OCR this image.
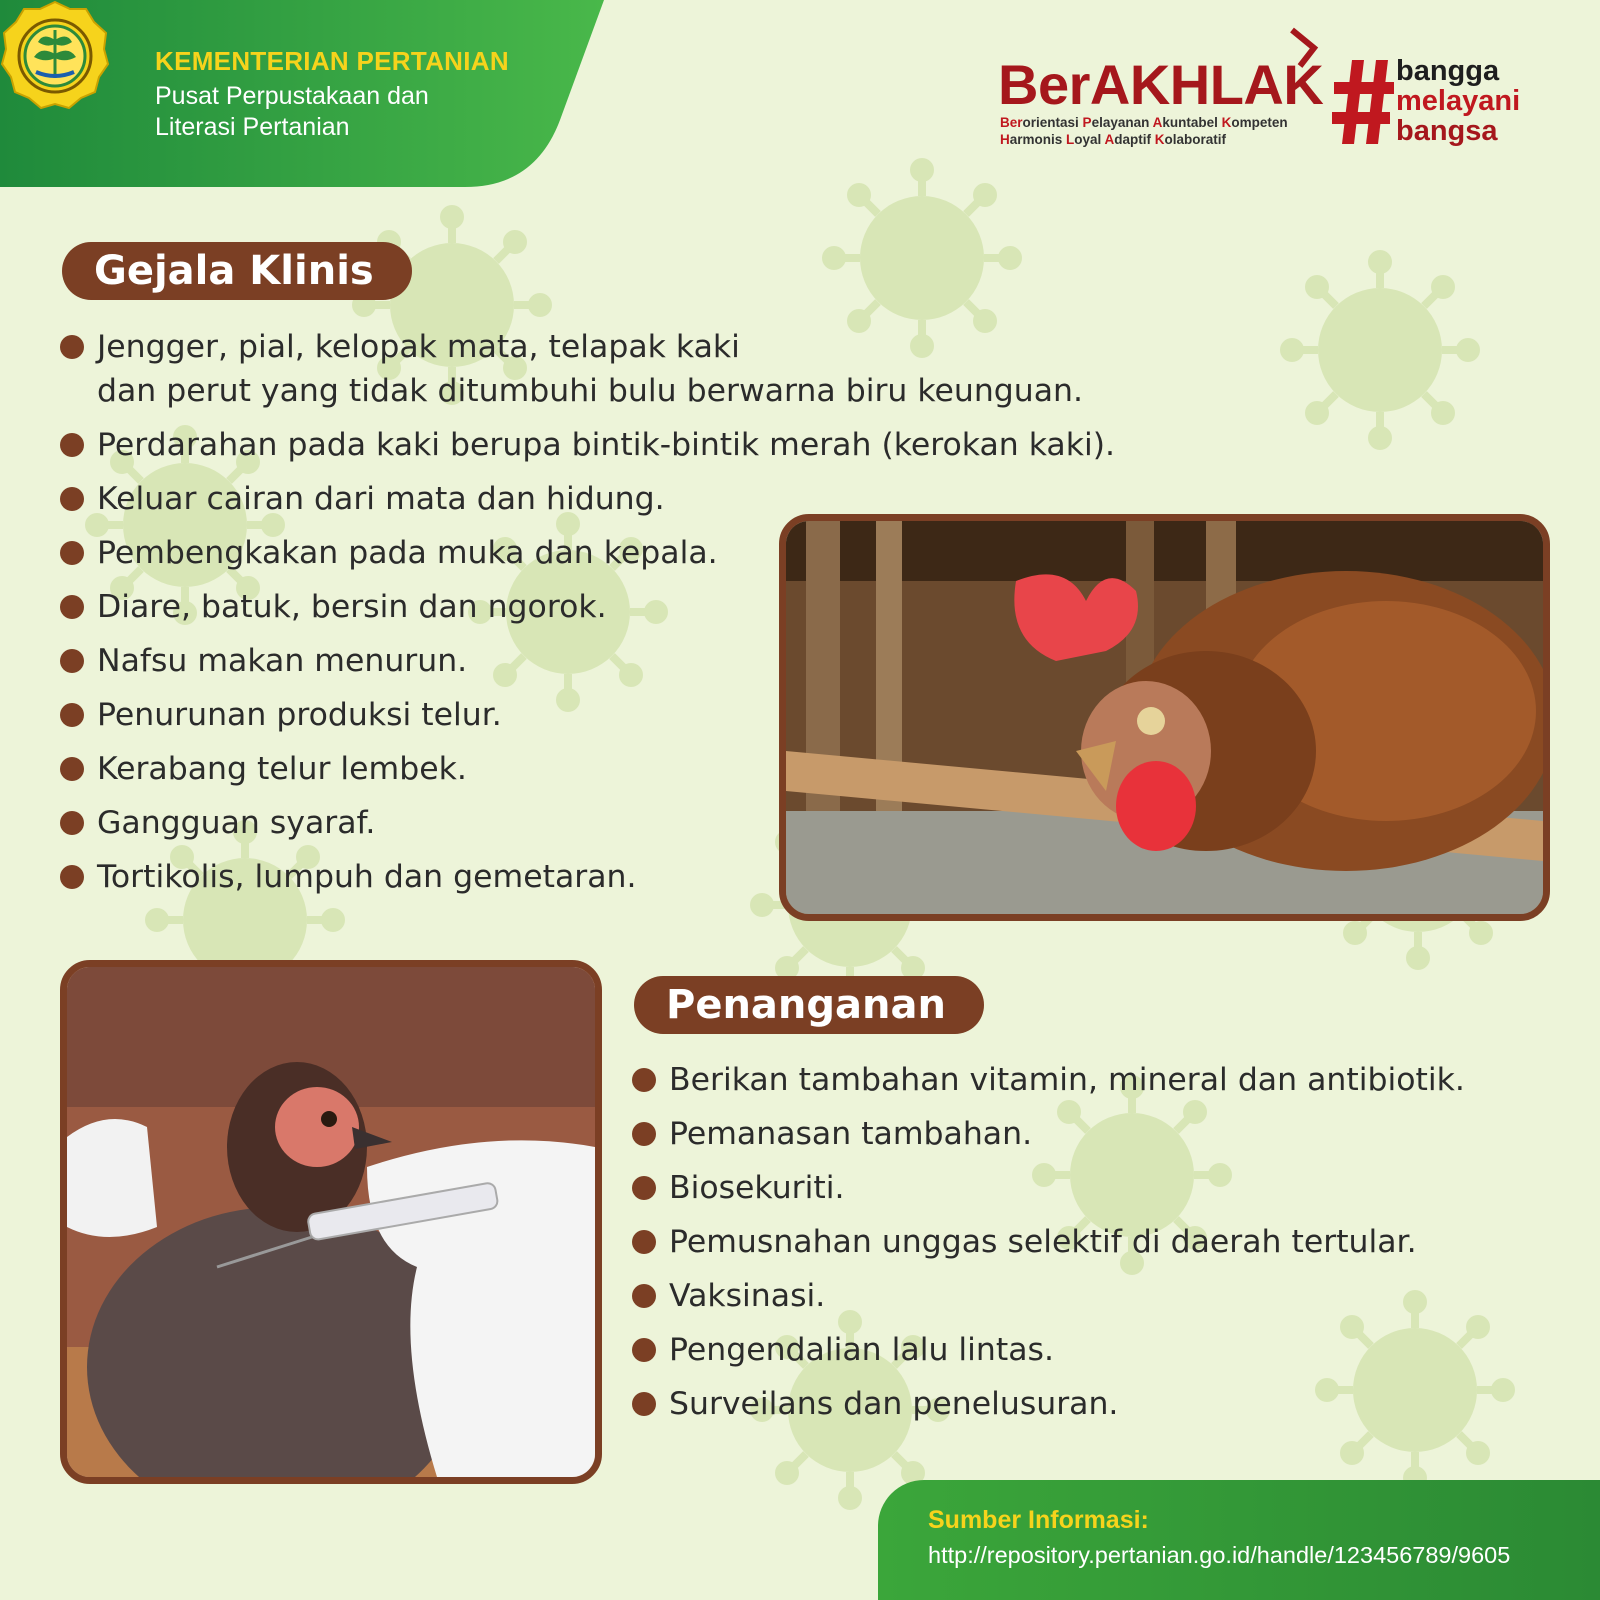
KEMENTERIAN PERTANIAN
Pusat Perpustakaan dan
Literasi Pertanian
BerAKHLAK
Berorientasi Pelayanan Akuntabel Kompeten
Harmonis Loyal Adaptif Kolaboratif
bangga
melayani
bangsa
Gejala Klinis
Jengger, pial, kelopak mata, telapak kaki
dan perut yang tidak ditumbuhi bulu berwarna biru keunguan.
Perdarahan pada kaki berupa bintik-bintik merah (kerokan kaki).
Keluar cairan dari mata dan hidung.
Pembengkakan pada muka dan kepala.
Diare, batuk, bersin dan ngorok.
Nafsu makan menurun.
Penurunan produksi telur.
Kerabang telur lembek.
Gangguan syaraf.
Tortikolis, lumpuh dan gemetaran.
Penanganan
Berikan tambahan vitamin, mineral dan antibiotik.
Pemanasan tambahan.
Biosekuriti.
Pemusnahan unggas selektif di daerah tertular.
Vaksinasi.
Pengendalian lalu lintas.
Surveilans dan penelusuran.
Sumber Informasi:
http://repository.pertanian.go.id/handle/123456789/9605
